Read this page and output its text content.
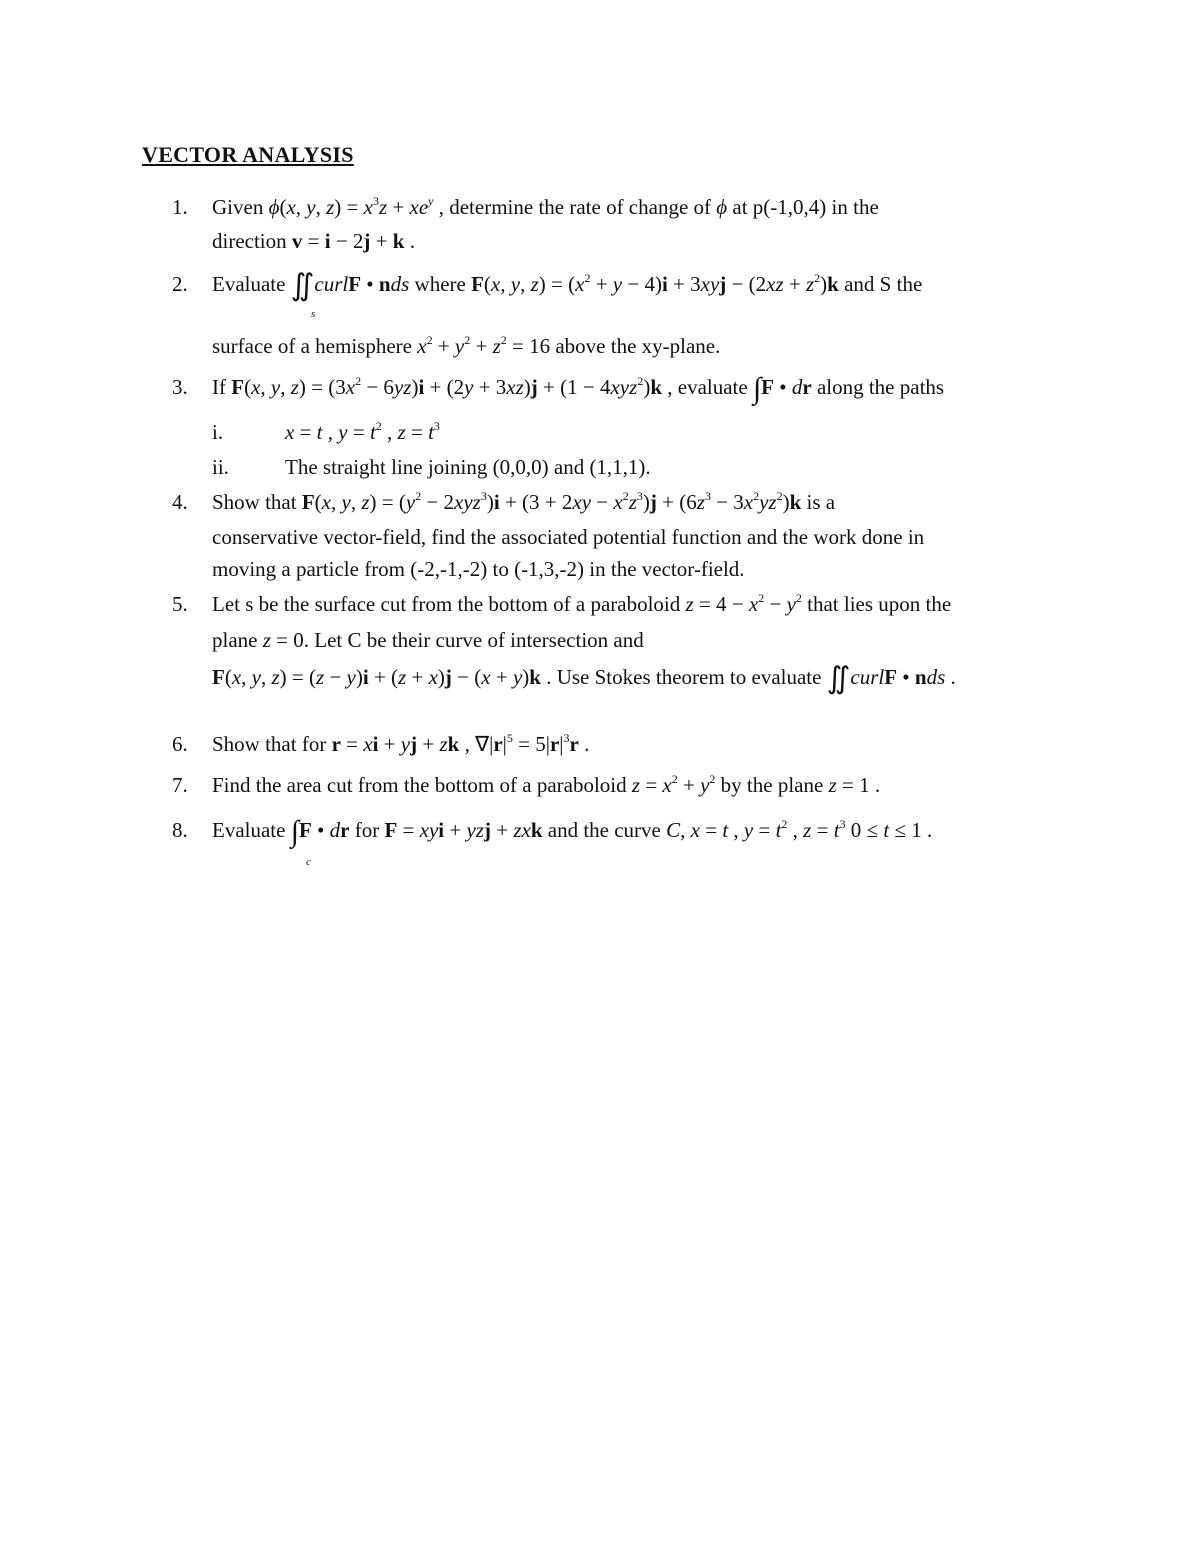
VECTOR ANALYSIS
1. Given ϕ(x, y, $z) = x^3z + xe^y$ , determine the rate of change of ϕ at p(-1,0,4) in the
direction v = i − 2j + k .
2. Evaluate ∬curlF • nds where F(x, y, $z) = (x^2 + y - 4)i + 3xyj - (2xz + z^2)k$ and S the
s
surface of a hemisphere $x^2 + y^2 + z^2 = 16$ above the xy-plane.
3. If F(x, y, $z) = (3x^2 - 6yz)i + (2y + 3xz)j + (1 - 4xyz^2)k$ , evaluate ∫F • dr along the paths
i.	x = t , $y = t^2$ , $z = t^3$
ii.	The straight line joining (0,0,0) and (1,1,1).
4. Show that F(x, y, $z) = (y^2 - 2xyz^3)i + (3 + 2xy - x^2z^3)j + (6z^3 - 3x^2yz^2)k$ is a
conservative vector-field, find the associated potential function and the work done in
moving a particle from (-2,-1,-2) to (-1,3,-2) in the vector-field.
5. Let s be the surface cut from the bottom of a paraboloid $z = 4 - x^2 - y^2$ that lies upon the
plane z = 0. Let C be their curve of intersection and
F(x, y, z) = (z − y)i + (z + x)j − (x + y)k . Use Stokes theorem to evaluate ∬curlF • nds .
6. Show that for r = xi + yj + zk , $\nabla|r|^5 = 5|r|^3r$ .
7. Find the area cut from the bottom of a paraboloid $z = x^2 + y^2$ by the plane z = 1 .
8. Evaluate ∫F • dr for F = xyi + yzj + zxk and the curve C, x = t , $y = t^2$ , $z = t^3$ 0 ≤ t ≤ 1 .
c
